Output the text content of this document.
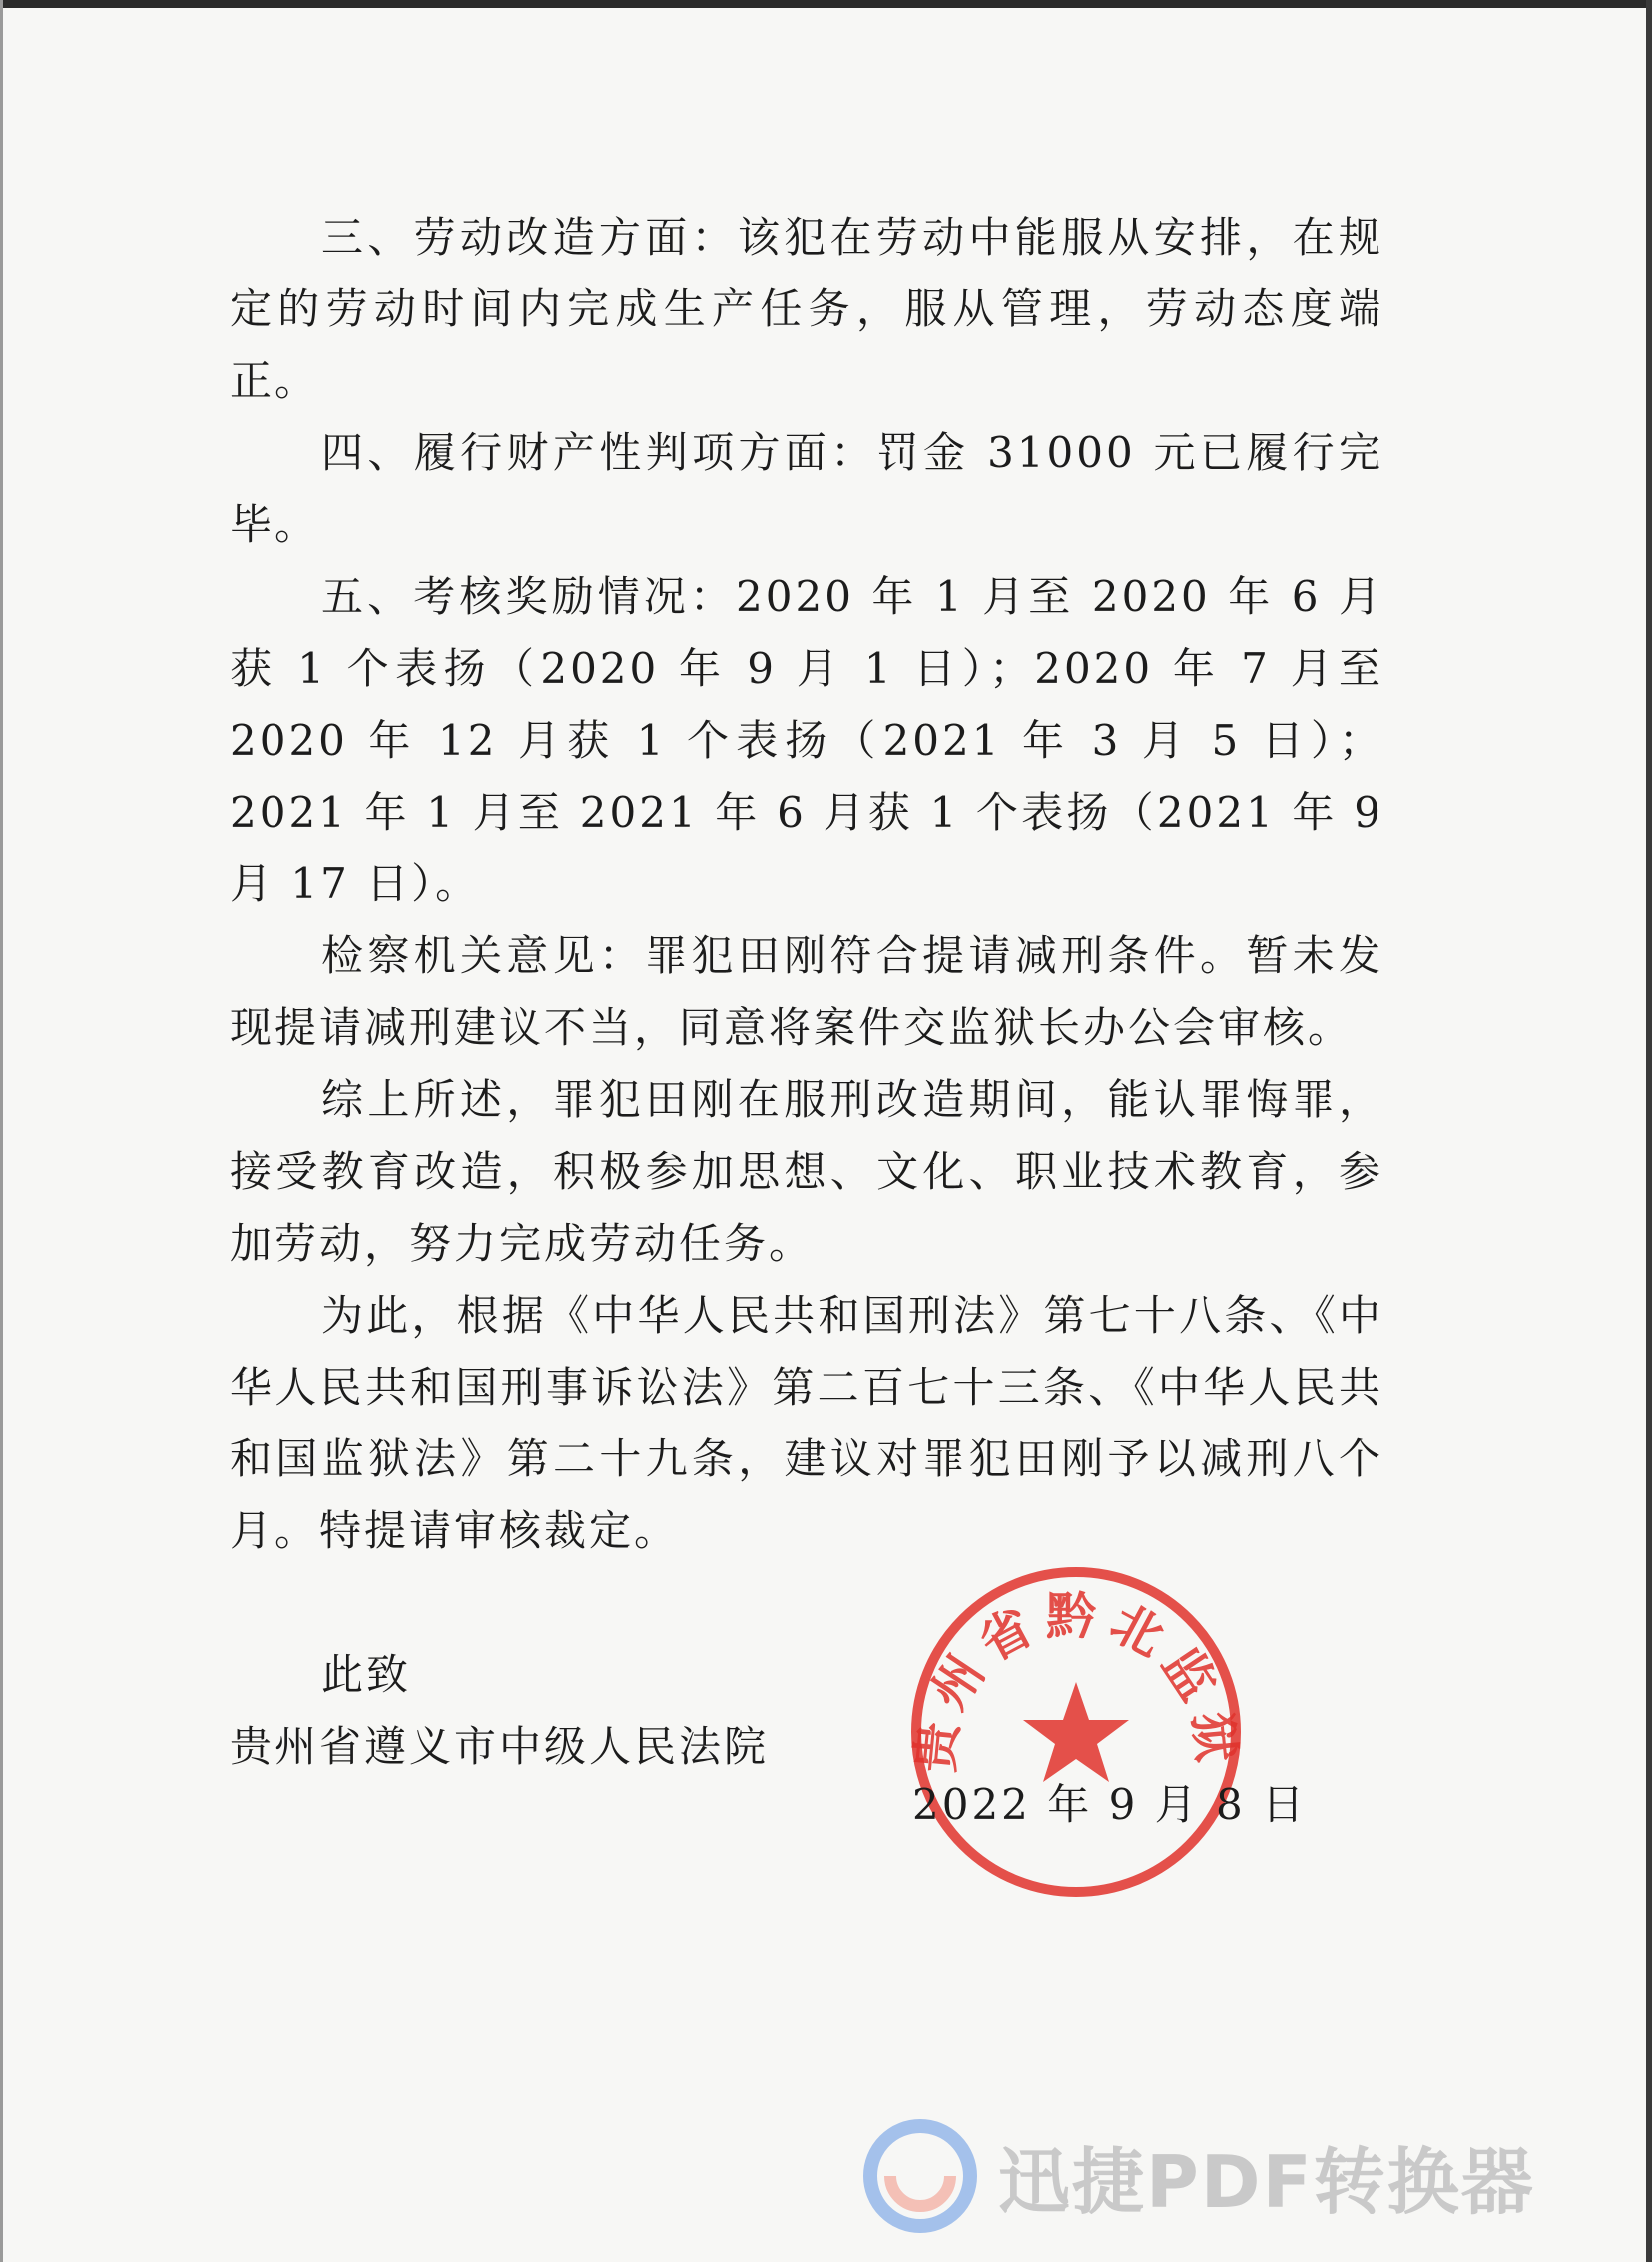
三、劳动改造方面：该犯在劳动中能服从安排，在规定的劳动时间内完成生产任务，服从管理，劳动态度端正。

四、履行财产性判项方面：罚金 31000 元已履行完毕。

五、考核奖励情况：2020 年 1 月至 2020 年 6 月获 1 个表扬（2020 年 9 月 1 日）；2020 年 7 月至 2020 年 12 月获 1 个表扬（2021 年 3 月 5 日）；2021 年 1 月至 2021 年 6 月获 1 个表扬（2021 年 9 月 17 日）。

检察机关意见：罪犯田刚符合提请减刑条件。暂未发现提请减刑建议不当，同意将案件交监狱长办公会审核。

综上所述，罪犯田刚在服刑改造期间，能认罪悔罪，接受教育改造，积极参加思想、文化、职业技术教育，参加劳动，努力完成劳动任务。

为此，根据《中华人民共和国刑法》第七十八条、《中华人民共和国刑事诉讼法》第二百七十三条、《中华人民共和国监狱法》第二十九条，建议对罪犯田刚予以减刑八个月。特提请审核裁定。

此致

贵州省遵义市中级人民法院	贵州省黔北监狱
2022 年 9 月 8 日
迅捷PDF转换器
